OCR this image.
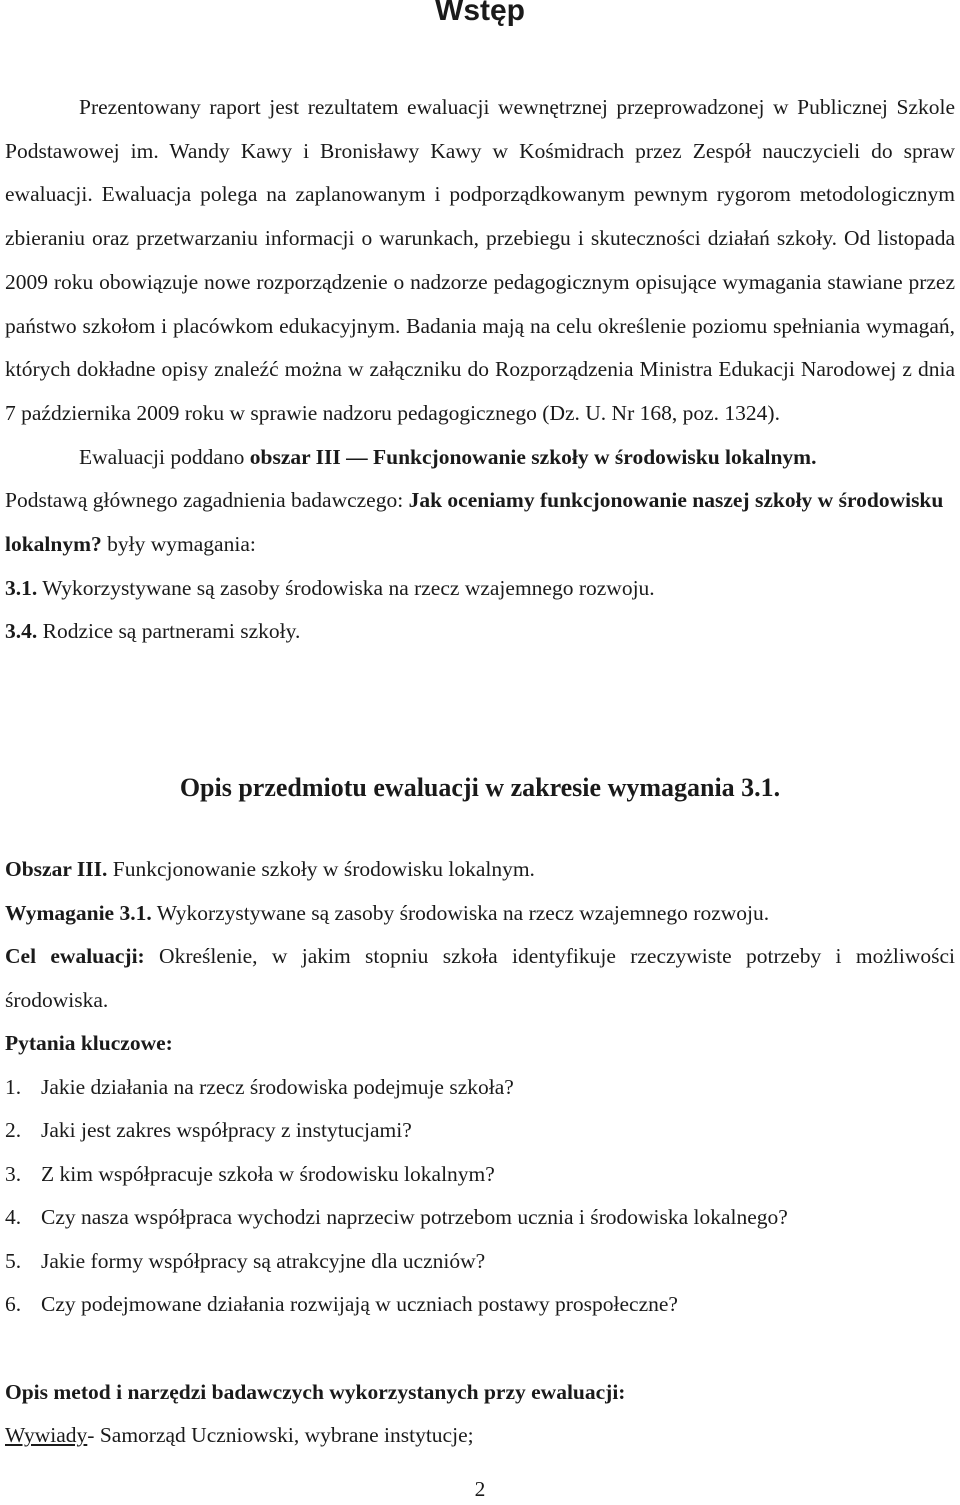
Wstęp

Prezentowany raport jest rezultatem ewaluacji wewnętrznej przeprowadzonej w Publicznej Szkole Podstawowej im. Wandy Kawy i Bronisławy Kawy w Kośmidrach przez Zespół nauczycieli do spraw ewaluacji. Ewaluacja polega na zaplanowanym i podporządkowanym pewnym rygorom metodologicznym zbieraniu oraz przetwarzaniu informacji o warunkach, przebiegu i skuteczności działań szkoły. Od listopada 2009 roku obowiązuje nowe rozporządzenie o nadzorze pedagogicznym opisujące wymagania stawiane przez państwo szkołom i placówkom edukacyjnym. Badania mają na celu określenie poziomu spełniania wymagań, których dokładne opisy znaleźć można w załączniku do Rozporządzenia Ministra Edukacji Narodowej z dnia 7 października 2009 roku w sprawie nadzoru pedagogicznego (Dz. U. Nr 168, poz. 1324).

Ewaluacji poddano obszar III — Funkcjonowanie szkoły w środowisku lokalnym.

Podstawą głównego zagadnienia badawczego: Jak oceniamy funkcjonowanie naszej szkoły w środowisku lokalnym? były wymagania:

3.1. Wykorzystywane są zasoby środowiska na rzecz wzajemnego rozwoju.

3.4. Rodzice są partnerami szkoły.

Opis przedmiotu ewaluacji w zakresie wymagania 3.1.

Obszar III. Funkcjonowanie szkoły w środowisku lokalnym.

Wymaganie 3.1. Wykorzystywane są zasoby środowiska na rzecz wzajemnego rozwoju.

Cel ewaluacji: Określenie, w jakim stopniu szkoła identyfikuje rzeczywiste potrzeby i możliwości środowiska.

Pytania kluczowe:

1. Jakie działania na rzecz środowiska podejmuje szkoła?
2. Jaki jest zakres współpracy z instytucjami?
3. Z kim współpracuje szkoła w środowisku lokalnym?
4. Czy nasza współpraca wychodzi naprzeciw potrzebom ucznia i środowiska lokalnego?
5. Jakie formy współpracy są atrakcyjne dla uczniów?
6. Czy podejmowane działania rozwijają w uczniach postawy prospołeczne?

Opis metod i narzędzi badawczych wykorzystanych przy ewaluacji:

Wywiady- Samorząd Uczniowski, wybrane instytucje;

2
